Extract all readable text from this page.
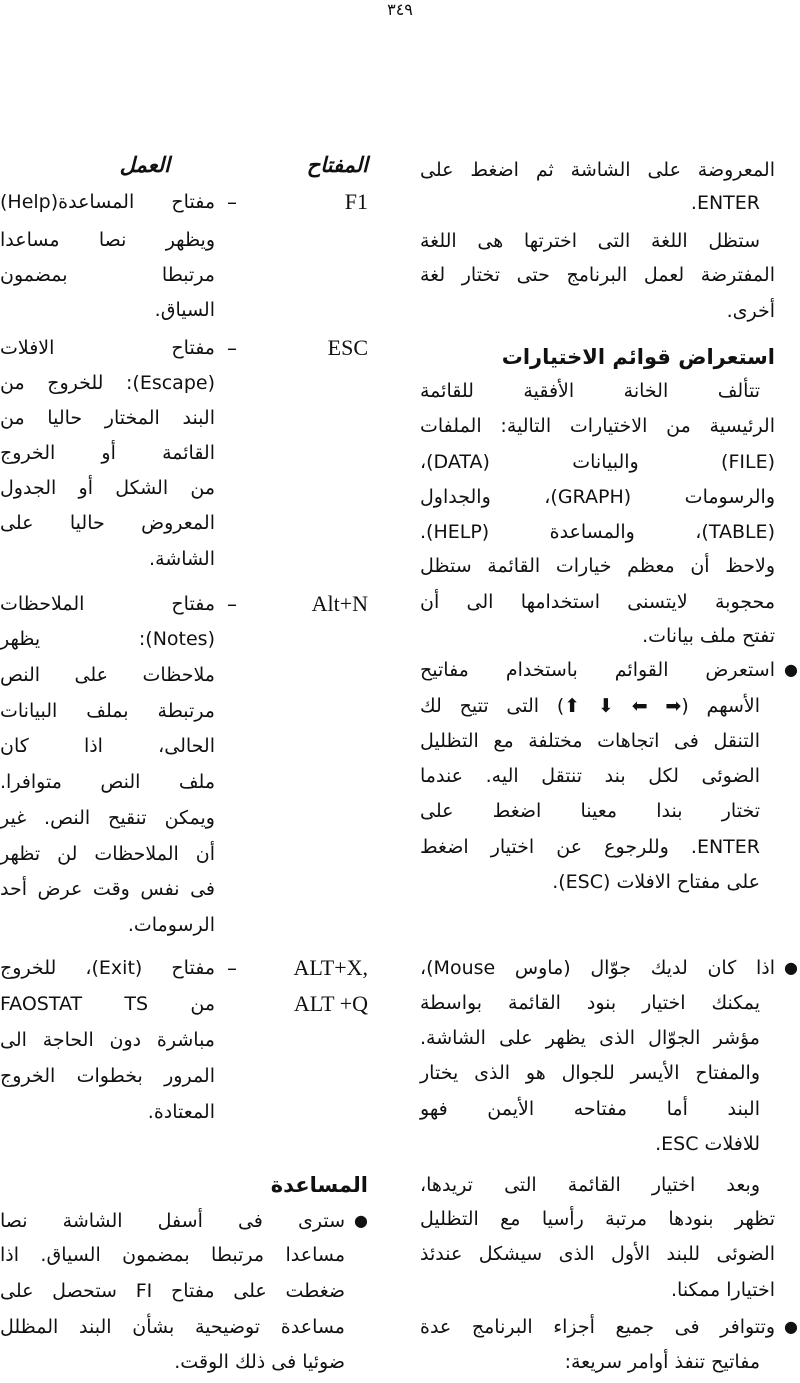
٣٤٩
المعروضة على الشاشة ثم اضغط على
ENTER.
ستظل اللغة التى اخترتها هى اللغة
المفترضة لعمل البرنامج حتى تختار لغة
أخرى.
استعراض قوائم الاختيارات
تتألف الخانة الأفقية للقائمة
الرئيسية من الاختيارات التالية: الملفات
(FILE) والبيانات (DATA)،
والرسومات (GRAPH)، والجداول
(TABLE)، والمساعدة (HELP).
ولاحظ أن معظم خيارات القائمة ستظل
محجوبة لايتسنى استخدامها الى أن
تفتح ملف بيانات.
●
استعرض القوائم باستخدام مفاتيح
الأسهم (➡ ⬅ ⬇ ⬆) التى تتيح لك
التنقل فى اتجاهات مختلفة مع التظليل
الضوئى لكل بند تنتقل اليه. عندما
تختار بندا معينا اضغط على
ENTER. وللرجوع عن اختيار اضغط
على مفتاح الافلات (ESC).
●
اذا كان لديك جوّال (ماوس Mouse)،
يمكنك اختيار بنود القائمة بواسطة
مؤشر الجوّال الذى يظهر على الشاشة.
والمفتاح الأيسر للجوال هو الذى يختار
البند أما مفتاحه الأيمن فهو
للافلات ESC.
وبعد اختيار القائمة التى تريدها،
تظهر بنودها مرتبة رأسيا مع التظليل
الضوئى للبند الأول الذى سيشكل عندئذ
اختيارا ممكنا.
●
وتتوافر فى جميع أجزاء البرنامج عدة
مفاتيح تنفذ أوامر سريعة:
المفتاح
العمل
F1
–
مفتاح المساعدة(Help)
ويظهر نصا مساعدا
مرتبطا بمضمون
السياق.
ESC
–
مفتاح الافلات
(Escape): للخروج من
البند المختار حاليا من
القائمة أو الخروج
من الشكل أو الجدول
المعروض حاليا على
الشاشة.
Alt+N
–
مفتاح الملاحظات
(Notes): يظهر
ملاحظات على النص
مرتبطة بملف البيانات
الحالى، اذا كان
ملف النص متوافرا.
ويمكن تنقيح النص. غير
أن الملاحظات لن تظهر
فى نفس وقت عرض أحد
الرسومات.
ALT+X,
ALT +Q
–
مفتاح (Exit)، للخروج
من FAOSTAT TS
مباشرة دون الحاجة الى
المرور بخطوات الخروج
المعتادة.
المساعدة
●
سترى فى أسفل الشاشة نصا
مساعدا مرتبطا بمضمون السياق. اذا
ضغطت على مفتاح FI ستحصل على
مساعدة توضيحية بشأن البند المظلل
ضوئيا فى ذلك الوقت.
